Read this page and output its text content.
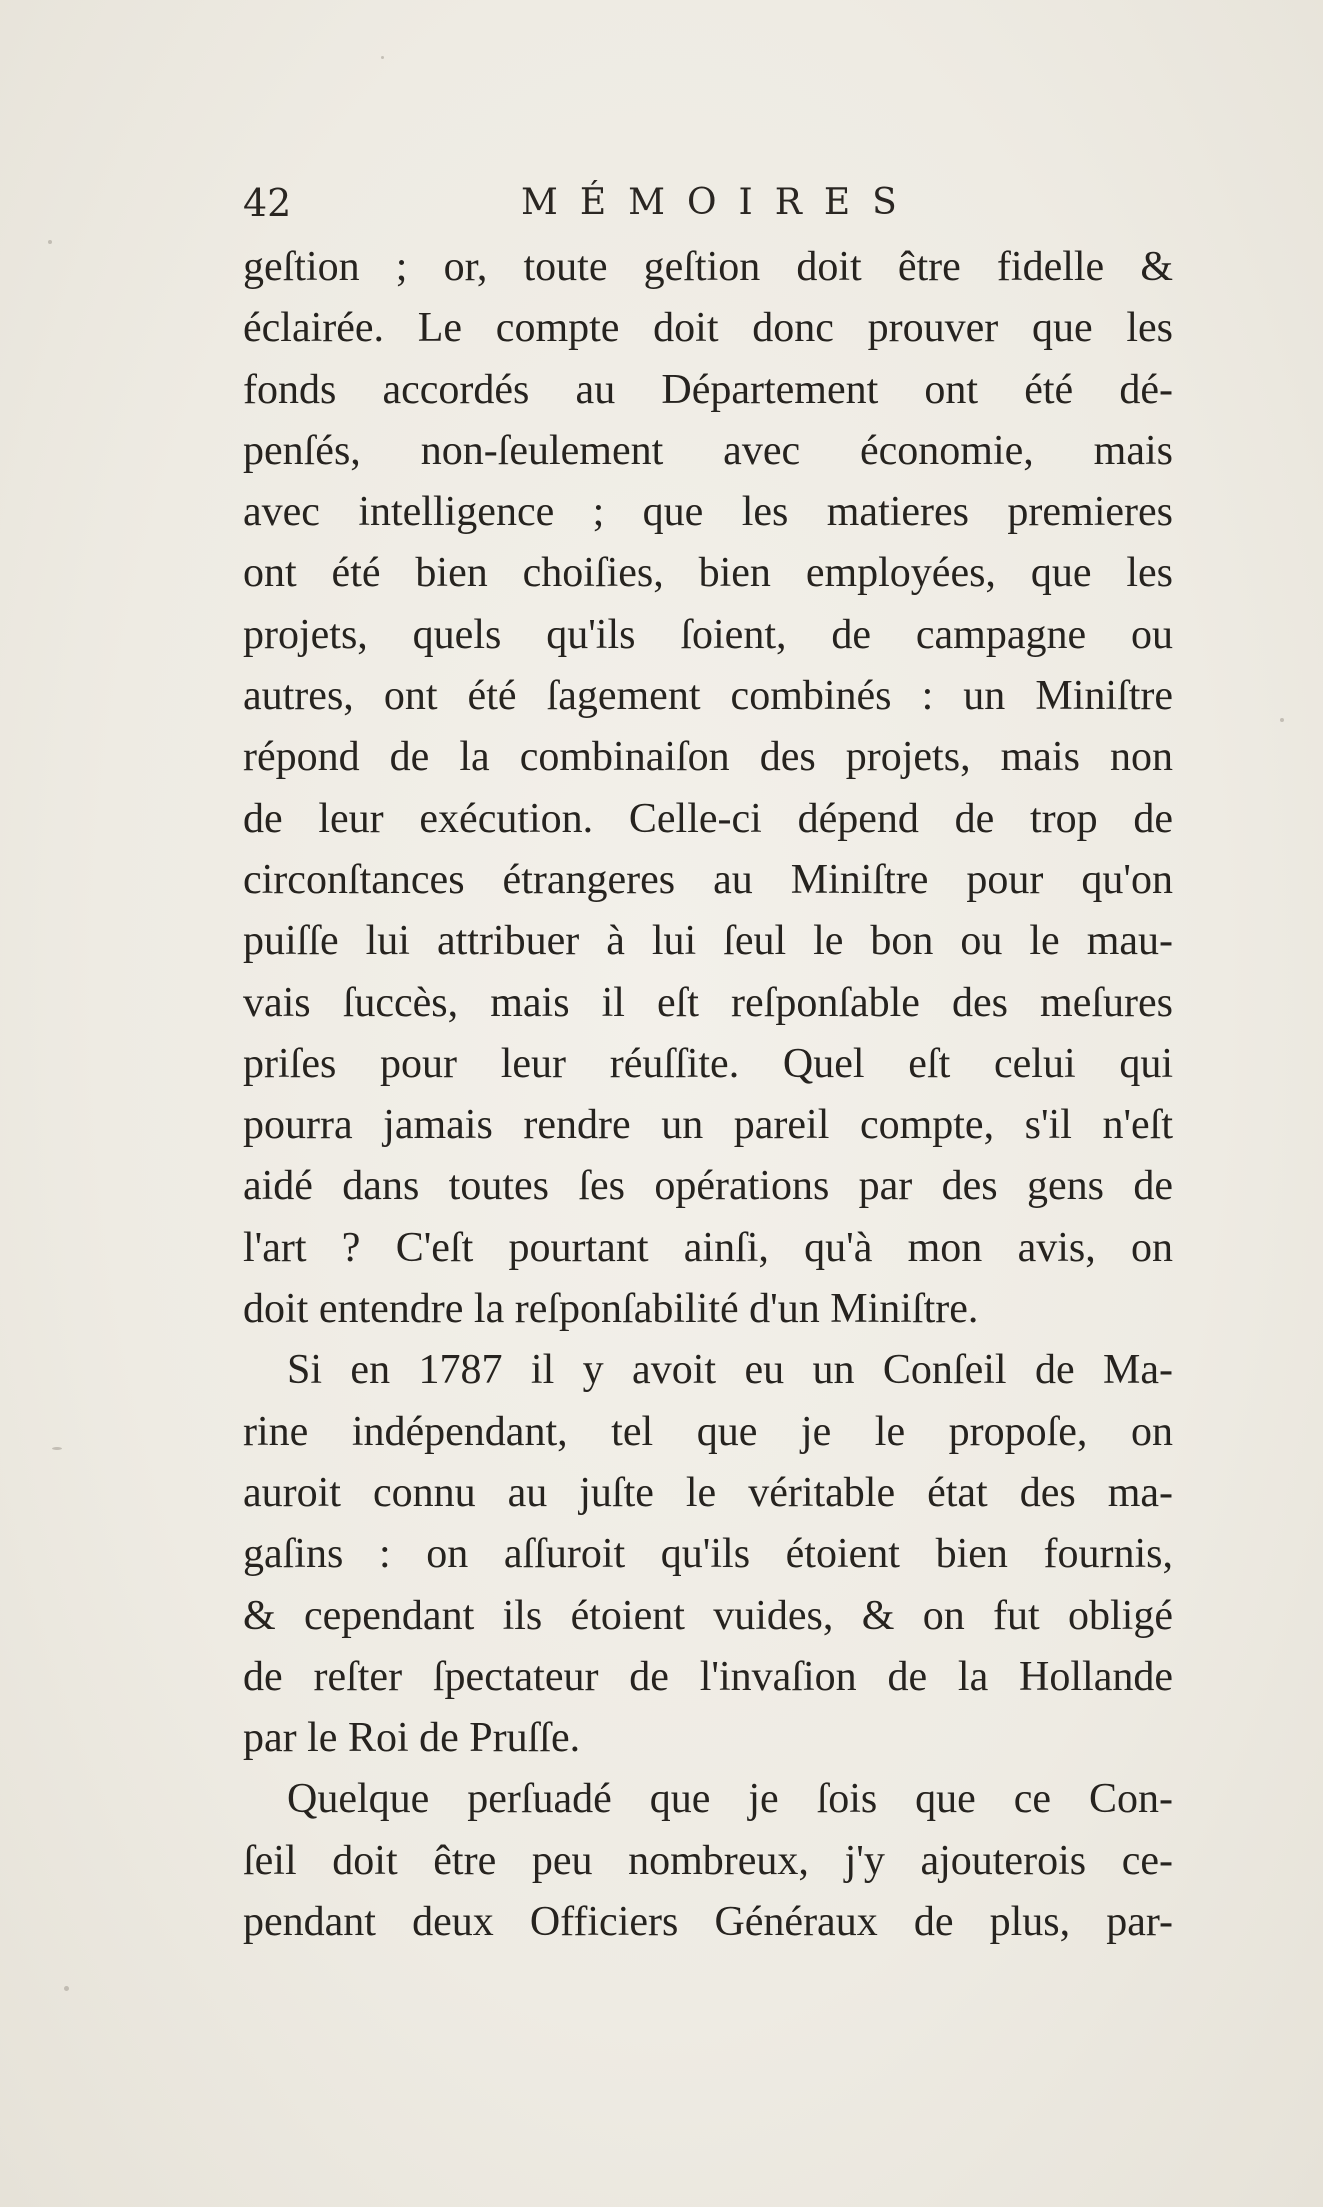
42	MÉMOIRES
geſtion ; or, toute geſtion doit être fidelle &
éclairée. Le compte doit donc prouver que les
fonds accordés au Département ont été dé-
penſés, non-ſeulement avec économie, mais
avec intelligence ; que les matieres premieres
ont été bien choiſies, bien employées, que les
projets, quels qu'ils ſoient, de campagne ou
autres, ont été ſagement combinés : un Miniſtre
répond de la combinaiſon des projets, mais non
de leur exécution. Celle-ci dépend de trop de
circonſtances étrangeres au Miniſtre pour qu'on
puiſſe lui attribuer à lui ſeul le bon ou le mau-
vais ſuccès, mais il eſt reſponſable des meſures
priſes pour leur réuſſite. Quel eſt celui qui
pourra jamais rendre un pareil compte, s'il n'eſt
aidé dans toutes ſes opérations par des gens de
l'art ? C'eſt pourtant ainſi, qu'à mon avis, on
doit entendre la reſponſabilité d'un Miniſtre.
Si en 1787 il y avoit eu un Conſeil de Ma-
rine indépendant, tel que je le propoſe, on
auroit connu au juſte le véritable état des ma-
gaſins : on aſſuroit qu'ils étoient bien fournis,
& cependant ils étoient vuides, & on fut obligé
de reſter ſpectateur de l'invaſion de la Hollande
par le Roi de Pruſſe.
Quelque perſuadé que je ſois que ce Con-
ſeil doit être peu nombreux, j'y ajouterois ce-
pendant deux Officiers Généraux de plus, par-
